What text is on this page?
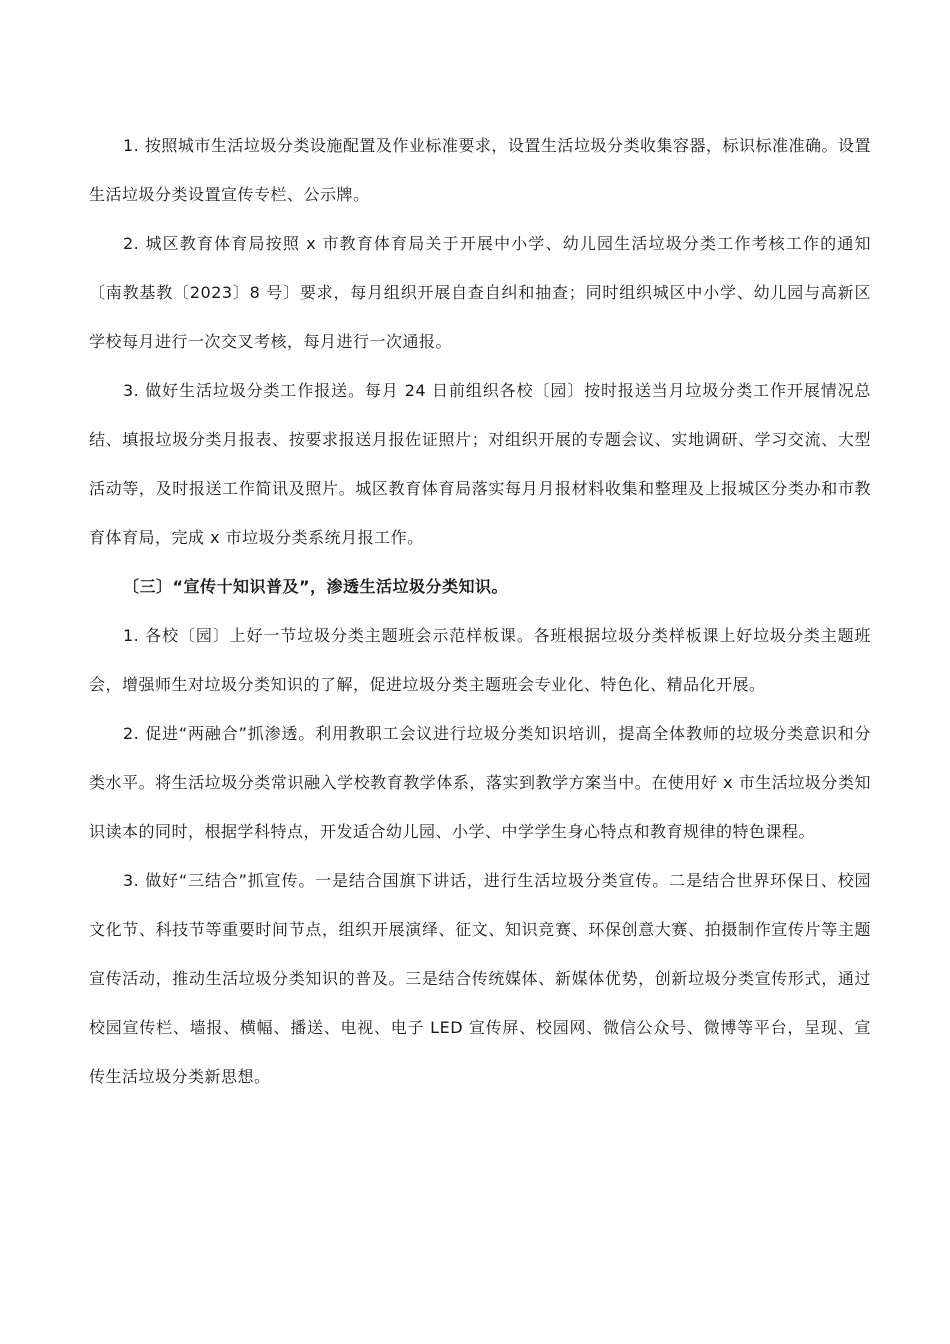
1. 按照城市生活垃圾分类设施配置及作业标准要求，设置生活垃圾分类收集容器，标识标准准确。设置生活垃圾分类设置宣传专栏、公示牌。

2. 城区教育体育局按照 x 市教育体育局关于开展中小学、幼儿园生活垃圾分类工作考核工作的通知〔南教基教〔2023〕8 号〕要求，每月组织开展自查自纠和抽查；同时组织城区中小学、幼儿园与高新区学校每月进行一次交叉考核，每月进行一次通报。

3. 做好生活垃圾分类工作报送。每月 24 日前组织各校〔园〕按时报送当月垃圾分类工作开展情况总结、填报垃圾分类月报表、按要求报送月报佐证照片；对组织开展的专题会议、实地调研、学习交流、大型活动等，及时报送工作简讯及照片。城区教育体育局落实每月月报材料收集和整理及上报城区分类办和市教育体育局，完成 x 市垃圾分类系统月报工作。

〔三〕“宣传十知识普及”，渗透生活垃圾分类知识。

1. 各校〔园〕上好一节垃圾分类主题班会示范样板课。各班根据垃圾分类样板课上好垃圾分类主题班会，增强师生对垃圾分类知识的了解，促进垃圾分类主题班会专业化、特色化、精品化开展。

2. 促进“两融合”抓渗透。利用教职工会议进行垃圾分类知识培训，提高全体教师的垃圾分类意识和分类水平。将生活垃圾分类常识融入学校教育教学体系，落实到教学方案当中。在使用好 x 市生活垃圾分类知识读本的同时，根据学科特点，开发适合幼儿园、小学、中学学生身心特点和教育规律的特色课程。

3. 做好“三结合”抓宣传。一是结合国旗下讲话，进行生活垃圾分类宣传。二是结合世界环保日、校园文化节、科技节等重要时间节点，组织开展演绎、征文、知识竞赛、环保创意大赛、拍摄制作宣传片等主题宣传活动，推动生活垃圾分类知识的普及。三是结合传统媒体、新媒体优势，创新垃圾分类宣传形式，通过校园宣传栏、墙报、横幅、播送、电视、电子 LED 宣传屏、校园网、微信公众号、微博等平台，呈现、宣传生活垃圾分类新思想。
